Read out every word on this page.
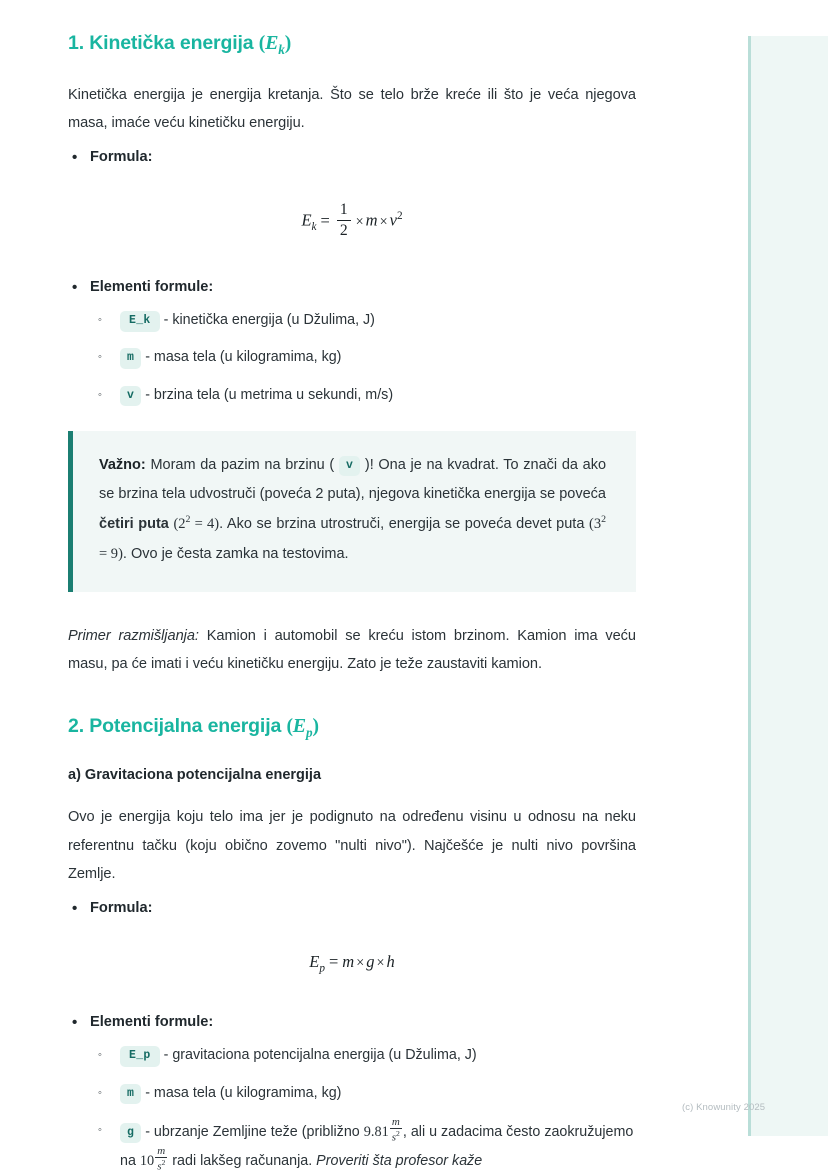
1. Kinetička energija $(E_k)$

Kinetička energija je energija kretanja. Što se telo brže kreće ili što je veća njegova masa, imaće veću kinetičku energiju.

• Formula:
$E_k = \frac{1}{2} \times m \times v^2$
• Elementi formule:
◦ E_k - kinetička energija (u Džulima, J)
◦ m - masa tela (u kilogramima, kg)
◦ v - brzina tela (u metrima u sekundi, m/s)

Važno: Moram da pazim na brzinu ( v )! Ona je na kvadrat. To znači da ako se brzina tela udvostruči (poveća 2 puta), njegova kinetička energija se poveća četiri puta $(2^2 = 4)$. Ako se brzina utrostruči, energija se poveća devet puta $(3^2 = 9)$. Ovo je česta zamka na testovima.

Primer razmišljanja: Kamion i automobil se kreću istom brzinom. Kamion ima veću masu, pa će imati i veću kinetičku energiju. Zato je teže zaustaviti kamion.

2. Potencijalna energija $(E_p)$
a) Gravitaciona potencijalna energija

Ovo je energija koju telo ima jer je podignuto na određenu visinu u odnosu na neku referentnu tačku (koju obično zovemo "nulti nivo"). Najčešće je nulti nivo površina Zemlje.

• Formula:
$E_p = m \times g \times h$
• Elementi formule:
◦ E_p - gravitaciona potencijalna energija (u Džulima, J)
◦ m - masa tela (u kilogramima, kg)
◦ g - ubrzanje Zemljine teže (približno $9.81 \frac{m}{s^2}$ , ali u zadacima često zaokružujemo na $10 \frac{m}{s^2}$ radi lakšeg računanja. Proveriti šta profesor kaže
(c) Knowunity 2025
